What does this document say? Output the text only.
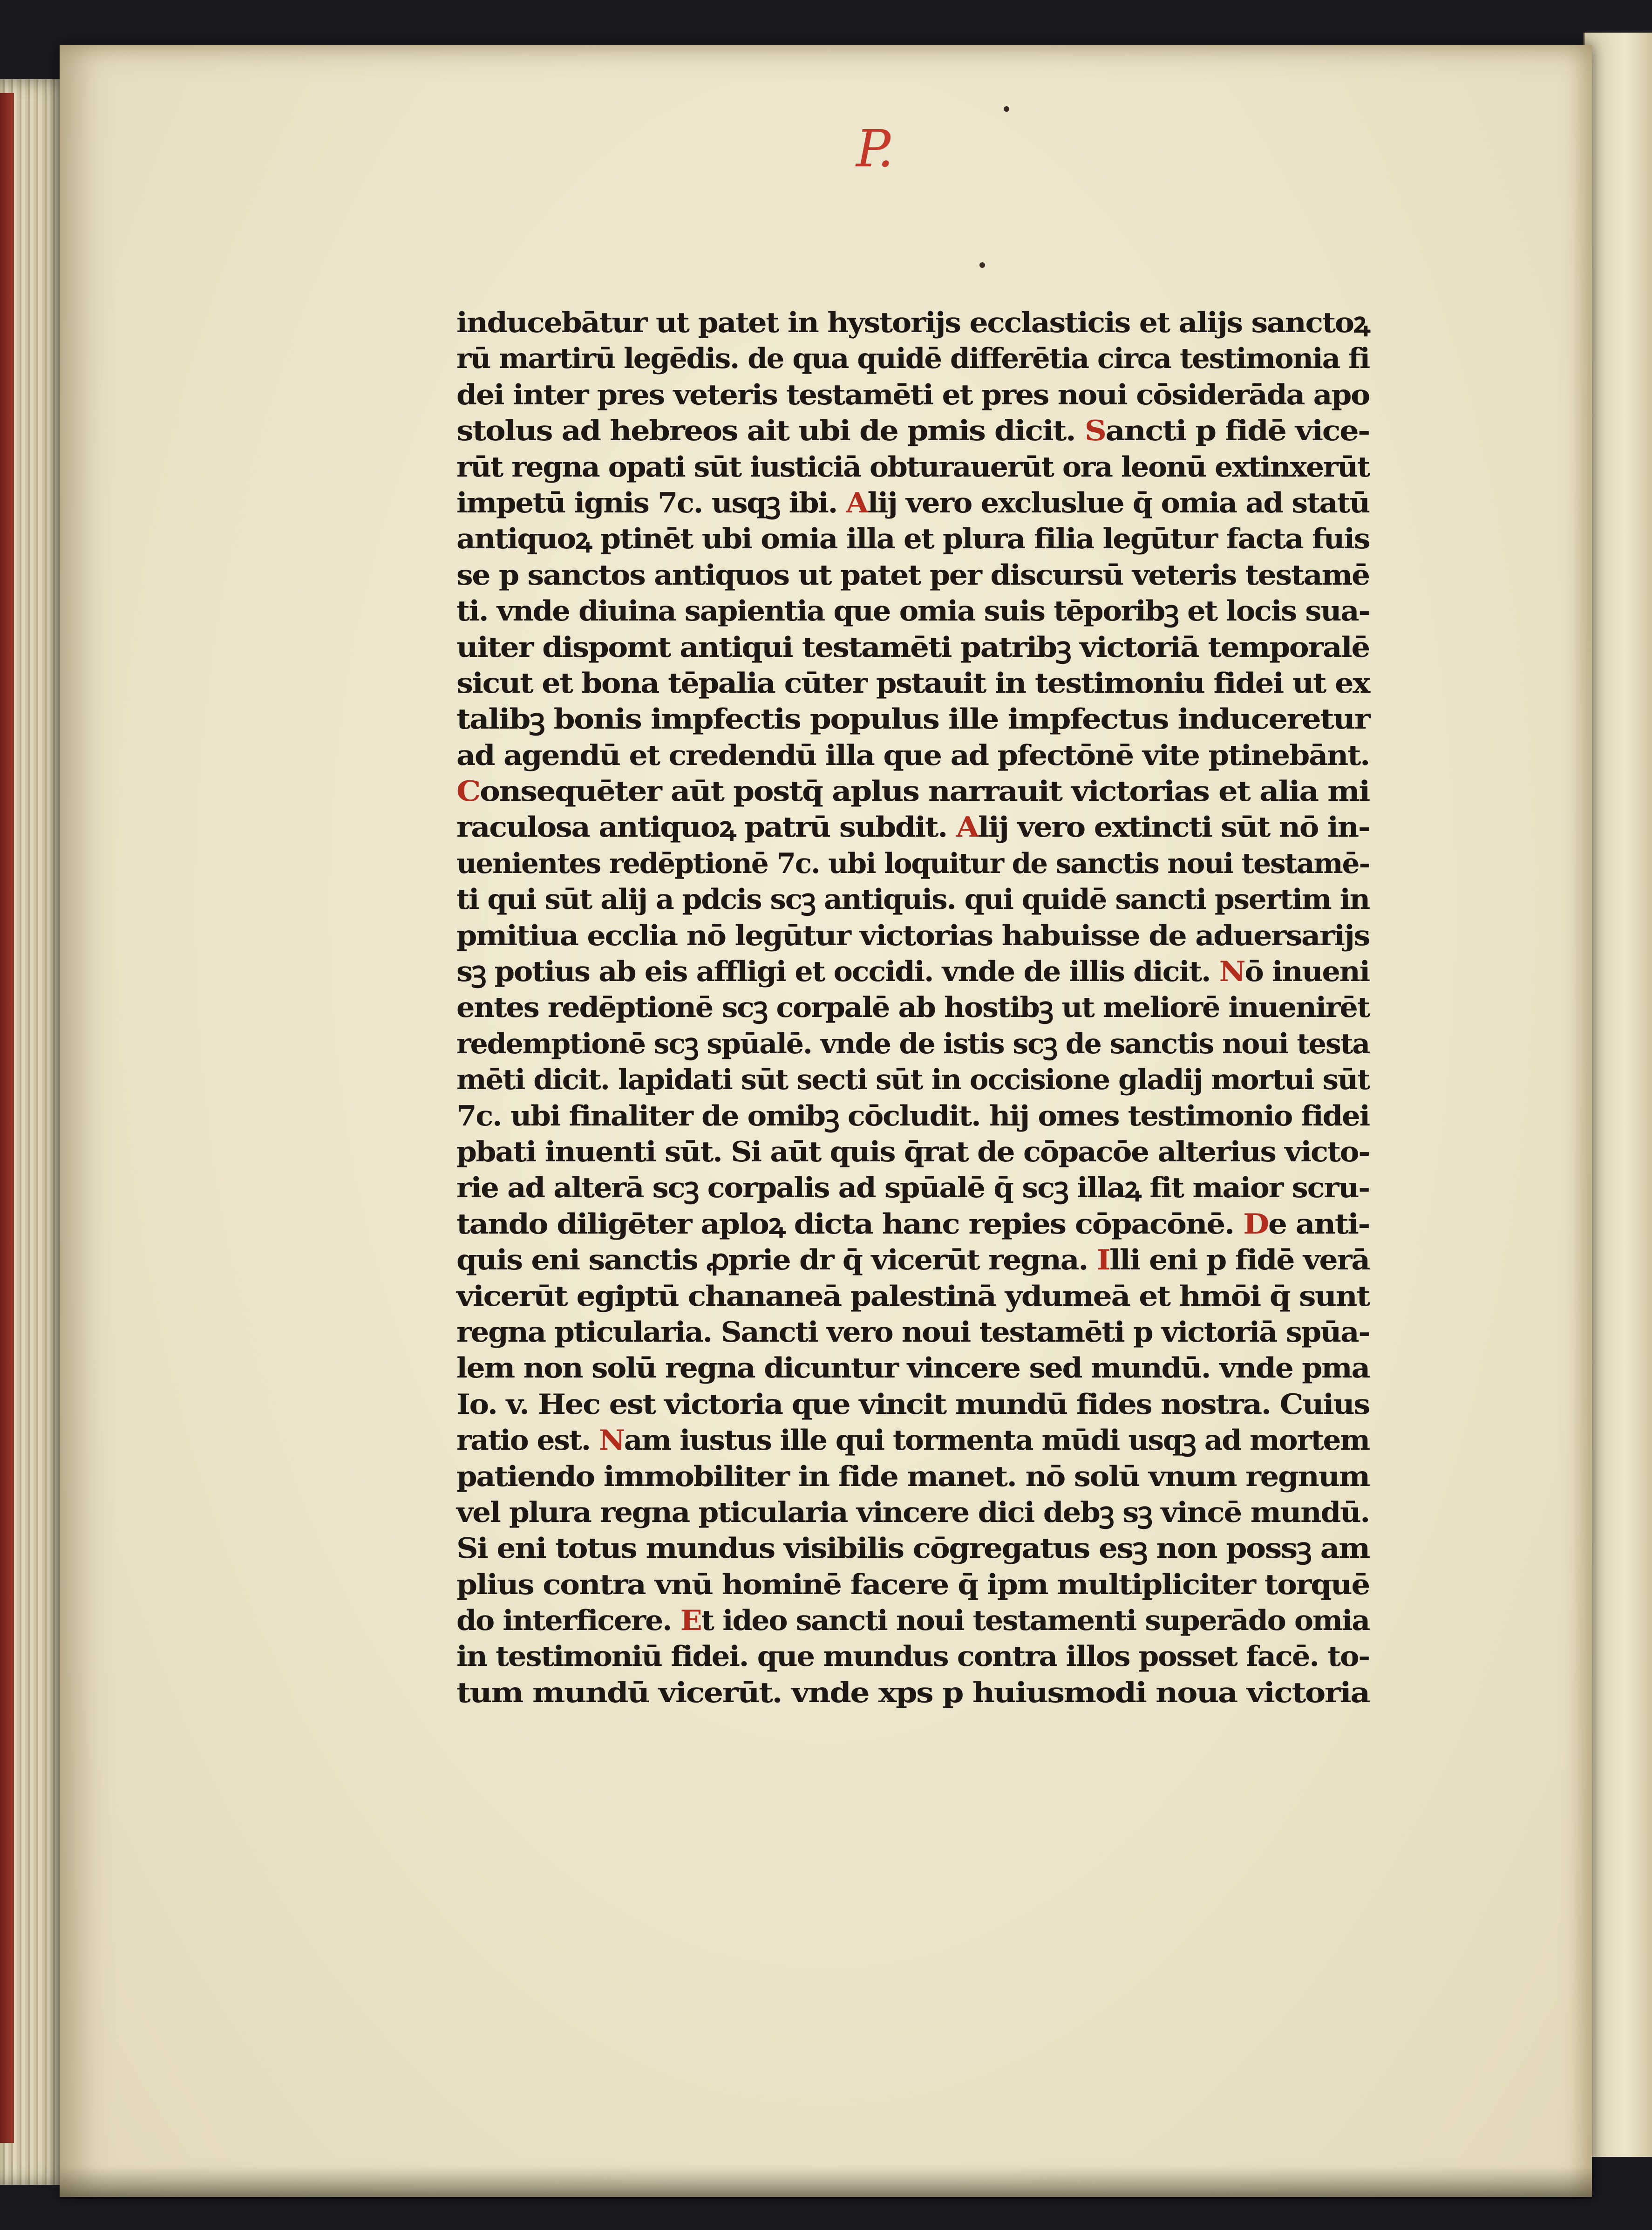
P.
inducebātur ut patet in hystorijs ecclasticis et alijs sanctoꝝ
rū martirū legēdis. de qua quidē differētia circa testimonia fi
dei inter pres veteris testamēti et pres noui cōsiderāda apo
stolus ad hebreos ait ubi de pmis dicit. Sancti p fidē vice-
rūt regna opati sūt iusticiā obturauerūt ora leonū extinxerūt
impetū ignis 7c. usqꝫ ibi. Alij vero excluslue q̄ omia ad statū
antiquoꝝ ptinēt ubi omia illa et plura filia legūtur facta fuis
se p sanctos antiquos ut patet per discursū veteris testamē
ti. vnde diuina sapientia que omia suis tēporibꝫ et locis sua-
uiter dispomt antiqui testamēti patribꝫ victoriā temporalē
sicut et bona tēpalia cūter pstauit in testimoniu fidei ut ex
talibꝫ bonis impfectis populus ille impfectus induceretur
ad agendū et credendū illa que ad pfectōnē vite ptinebānt.
Consequēter aūt postq̄ aplus narrauit victorias et alia mi
raculosa antiquoꝝ patrū subdit. Alij vero extincti sūt nō in-
uenientes redēptionē 7c. ubi loquitur de sanctis noui testamē-
ti qui sūt alij a pdcis scꝫ antiquis. qui quidē sancti psertim in
pmitiua ecclia nō legūtur victorias habuisse de aduersarijs
sꝫ potius ab eis affligi et occidi. vnde de illis dicit. Nō inueni
entes redēptionē scꝫ corpalē ab hostibꝫ ut meliorē inuenirēt
redemptionē scꝫ spūalē. vnde de istis scꝫ de sanctis noui testa
mēti dicit. lapidati sūt secti sūt in occisione gladij mortui sūt
7c. ubi finaliter de omibꝫ cōcludit. hij omes testimonio fidei
pbati inuenti sūt. Si aūt quis q̄rat de cōpacōe alterius victo-
rie ad alterā scꝫ corpalis ad spūalē q̄ scꝫ illaꝝ fit maior scru-
tando diligēter aploꝝ dicta hanc repies cōpacōnē. De anti-
quis eni sanctis ꝓprie dr q̄ vicerūt regna. Illi eni p fidē verā
vicerūt egiptū chananeā palestinā ydumeā et hmōi q̄ sunt
regna pticularia. Sancti vero noui testamēti p victoriā spūa-
lem non solū regna dicuntur vincere sed mundū. vnde pma
Io. v. Hec est victoria que vincit mundū fides nostra. Cuius
ratio est. Nam iustus ille qui tormenta mūdi usqꝫ ad mortem
patiendo immobiliter in fide manet. nō solū vnum regnum
vel plura regna pticularia vincere dici debꝫ sꝫ vincē mundū.
Si eni totus mundus visibilis cōgregatus esꝫ non possꝫ am
plius contra vnū hominē facere q̄ ipm multipliciter torquē
do interficere. Et ideo sancti noui testamenti superādo omia
in testimoniū fidei. que mundus contra illos posset facē. to-
tum mundū vicerūt. vnde xps p huiusmodi noua victoria
